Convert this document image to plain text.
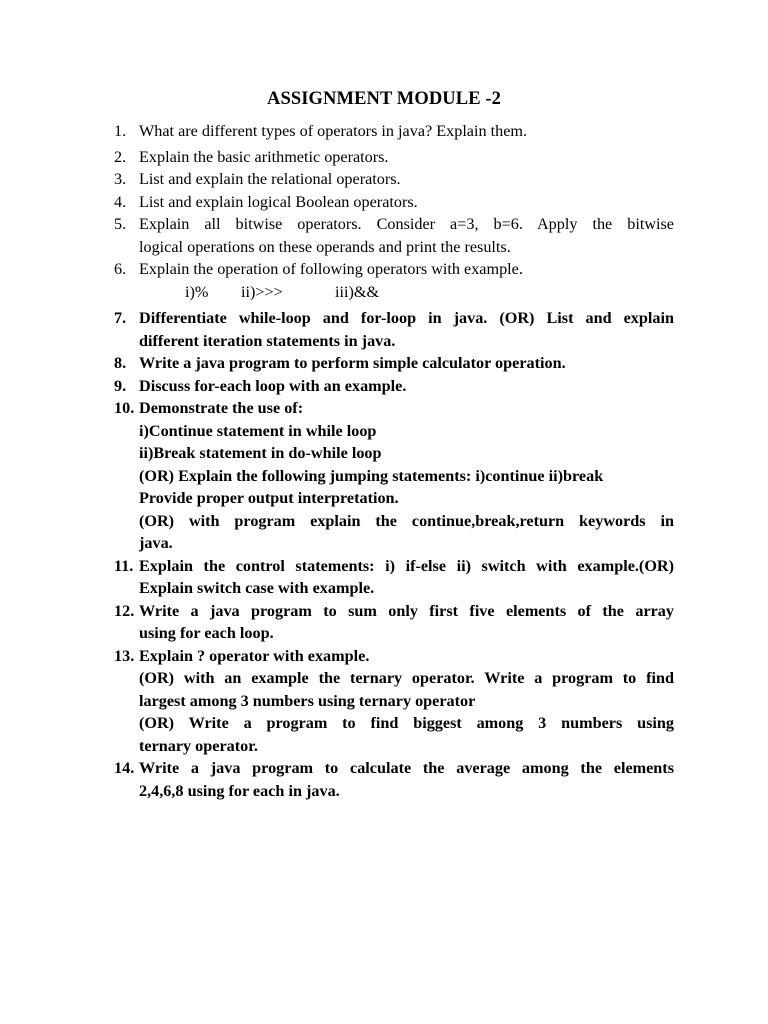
ASSIGNMENT MODULE -2
1. What are different types of operators in java? Explain them.
2. Explain the basic arithmetic operators.
3. List and explain the relational operators.
4. List and explain logical Boolean operators.
5. Explain all bitwise operators. Consider a=3, b=6. Apply the bitwise
logical operations on these operands and print the results.
6. Explain the operation of following operators with example.
i)% ii)>>>	iii)&&
7. Differentiate while-loop and for-loop in java. (OR) List and explain
different iteration statements in java.
8. Write a java program to perform simple calculator operation.
9. Discuss for-each loop with an example.
10. Demonstrate the use of:
i)Continue statement in while loop
ii)Break statement in do-while loop
(OR) Explain the following jumping statements: i)continue ii)break
Provide proper output interpretation.
(OR) with program explain the continue,break,return keywords in
java.
11. Explain the control statements: i) if-else ii) switch with example.(OR)
Explain switch case with example.
12. Write a java program to sum only first five elements of the array
using for each loop.
13. Explain ? operator with example.
(OR) with an example the ternary operator. Write a program to find
largest among 3 numbers using ternary operator
(OR) Write a program to find biggest among 3 numbers using
ternary operator.
14. Write a java program to calculate the average among the elements
2,4,6,8 using for each in java.
